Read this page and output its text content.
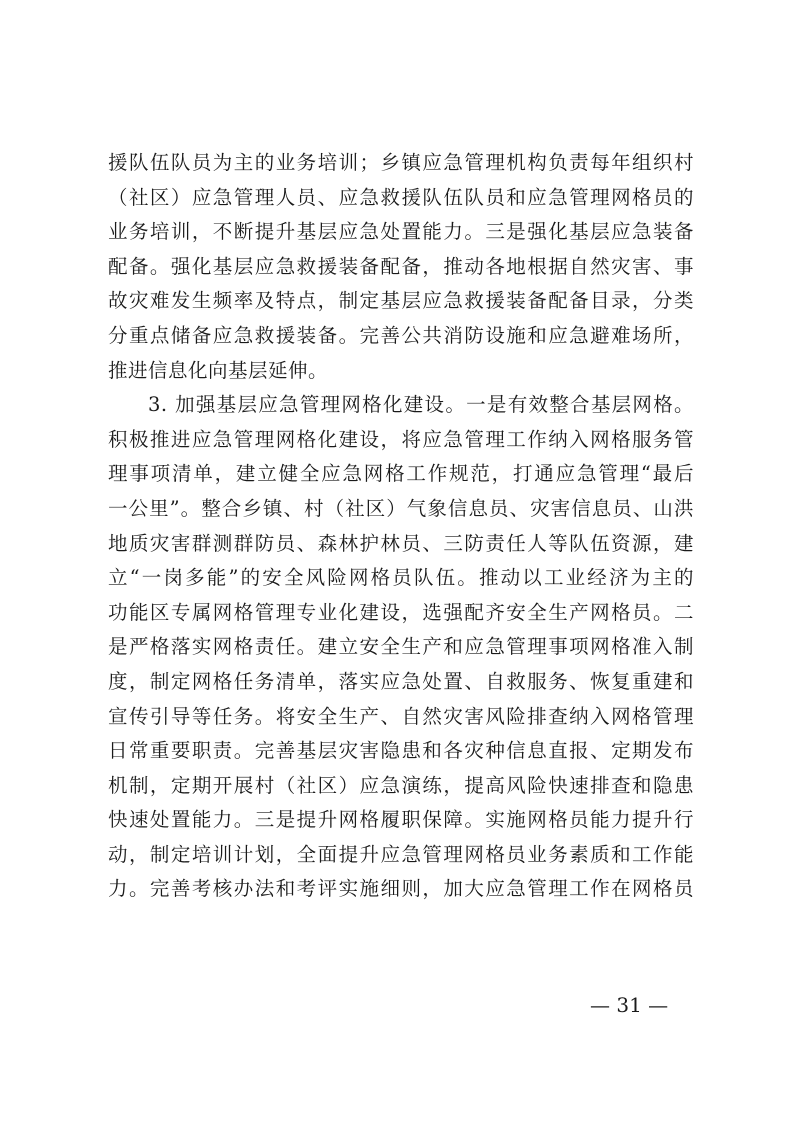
援队伍队员为主的业务培训；乡镇应急管理机构负责每年组织村
（社区）应急管理人员、应急救援队伍队员和应急管理网格员的
业务培训，不断提升基层应急处置能力。三是强化基层应急装备
配备。强化基层应急救援装备配备，推动各地根据自然灾害、事
故灾难发生频率及特点，制定基层应急救援装备配备目录，分类
分重点储备应急救援装备。完善公共消防设施和应急避难场所，
推进信息化向基层延伸。
3. 加强基层应急管理网格化建设。一是有效整合基层网格。
积极推进应急管理网格化建设，将应急管理工作纳入网格服务管
理事项清单，建立健全应急网格工作规范，打通应急管理“最后
一公里”。整合乡镇、村（社区）气象信息员、灾害信息员、山洪
地质灾害群测群防员、森林护林员、三防责任人等队伍资源，建
立“一岗多能”的安全风险网格员队伍。推动以工业经济为主的
功能区专属网格管理专业化建设，选强配齐安全生产网格员。二
是严格落实网格责任。建立安全生产和应急管理事项网格准入制
度，制定网格任务清单，落实应急处置、自救服务、恢复重建和
宣传引导等任务。将安全生产、自然灾害风险排查纳入网格管理
日常重要职责。完善基层灾害隐患和各灾种信息直报、定期发布
机制，定期开展村（社区）应急演练，提高风险快速排查和隐患
快速处置能力。三是提升网格履职保障。实施网格员能力提升行
动，制定培训计划，全面提升应急管理网格员业务素质和工作能
力。完善考核办法和考评实施细则，加大应急管理工作在网格员
— 31 —
